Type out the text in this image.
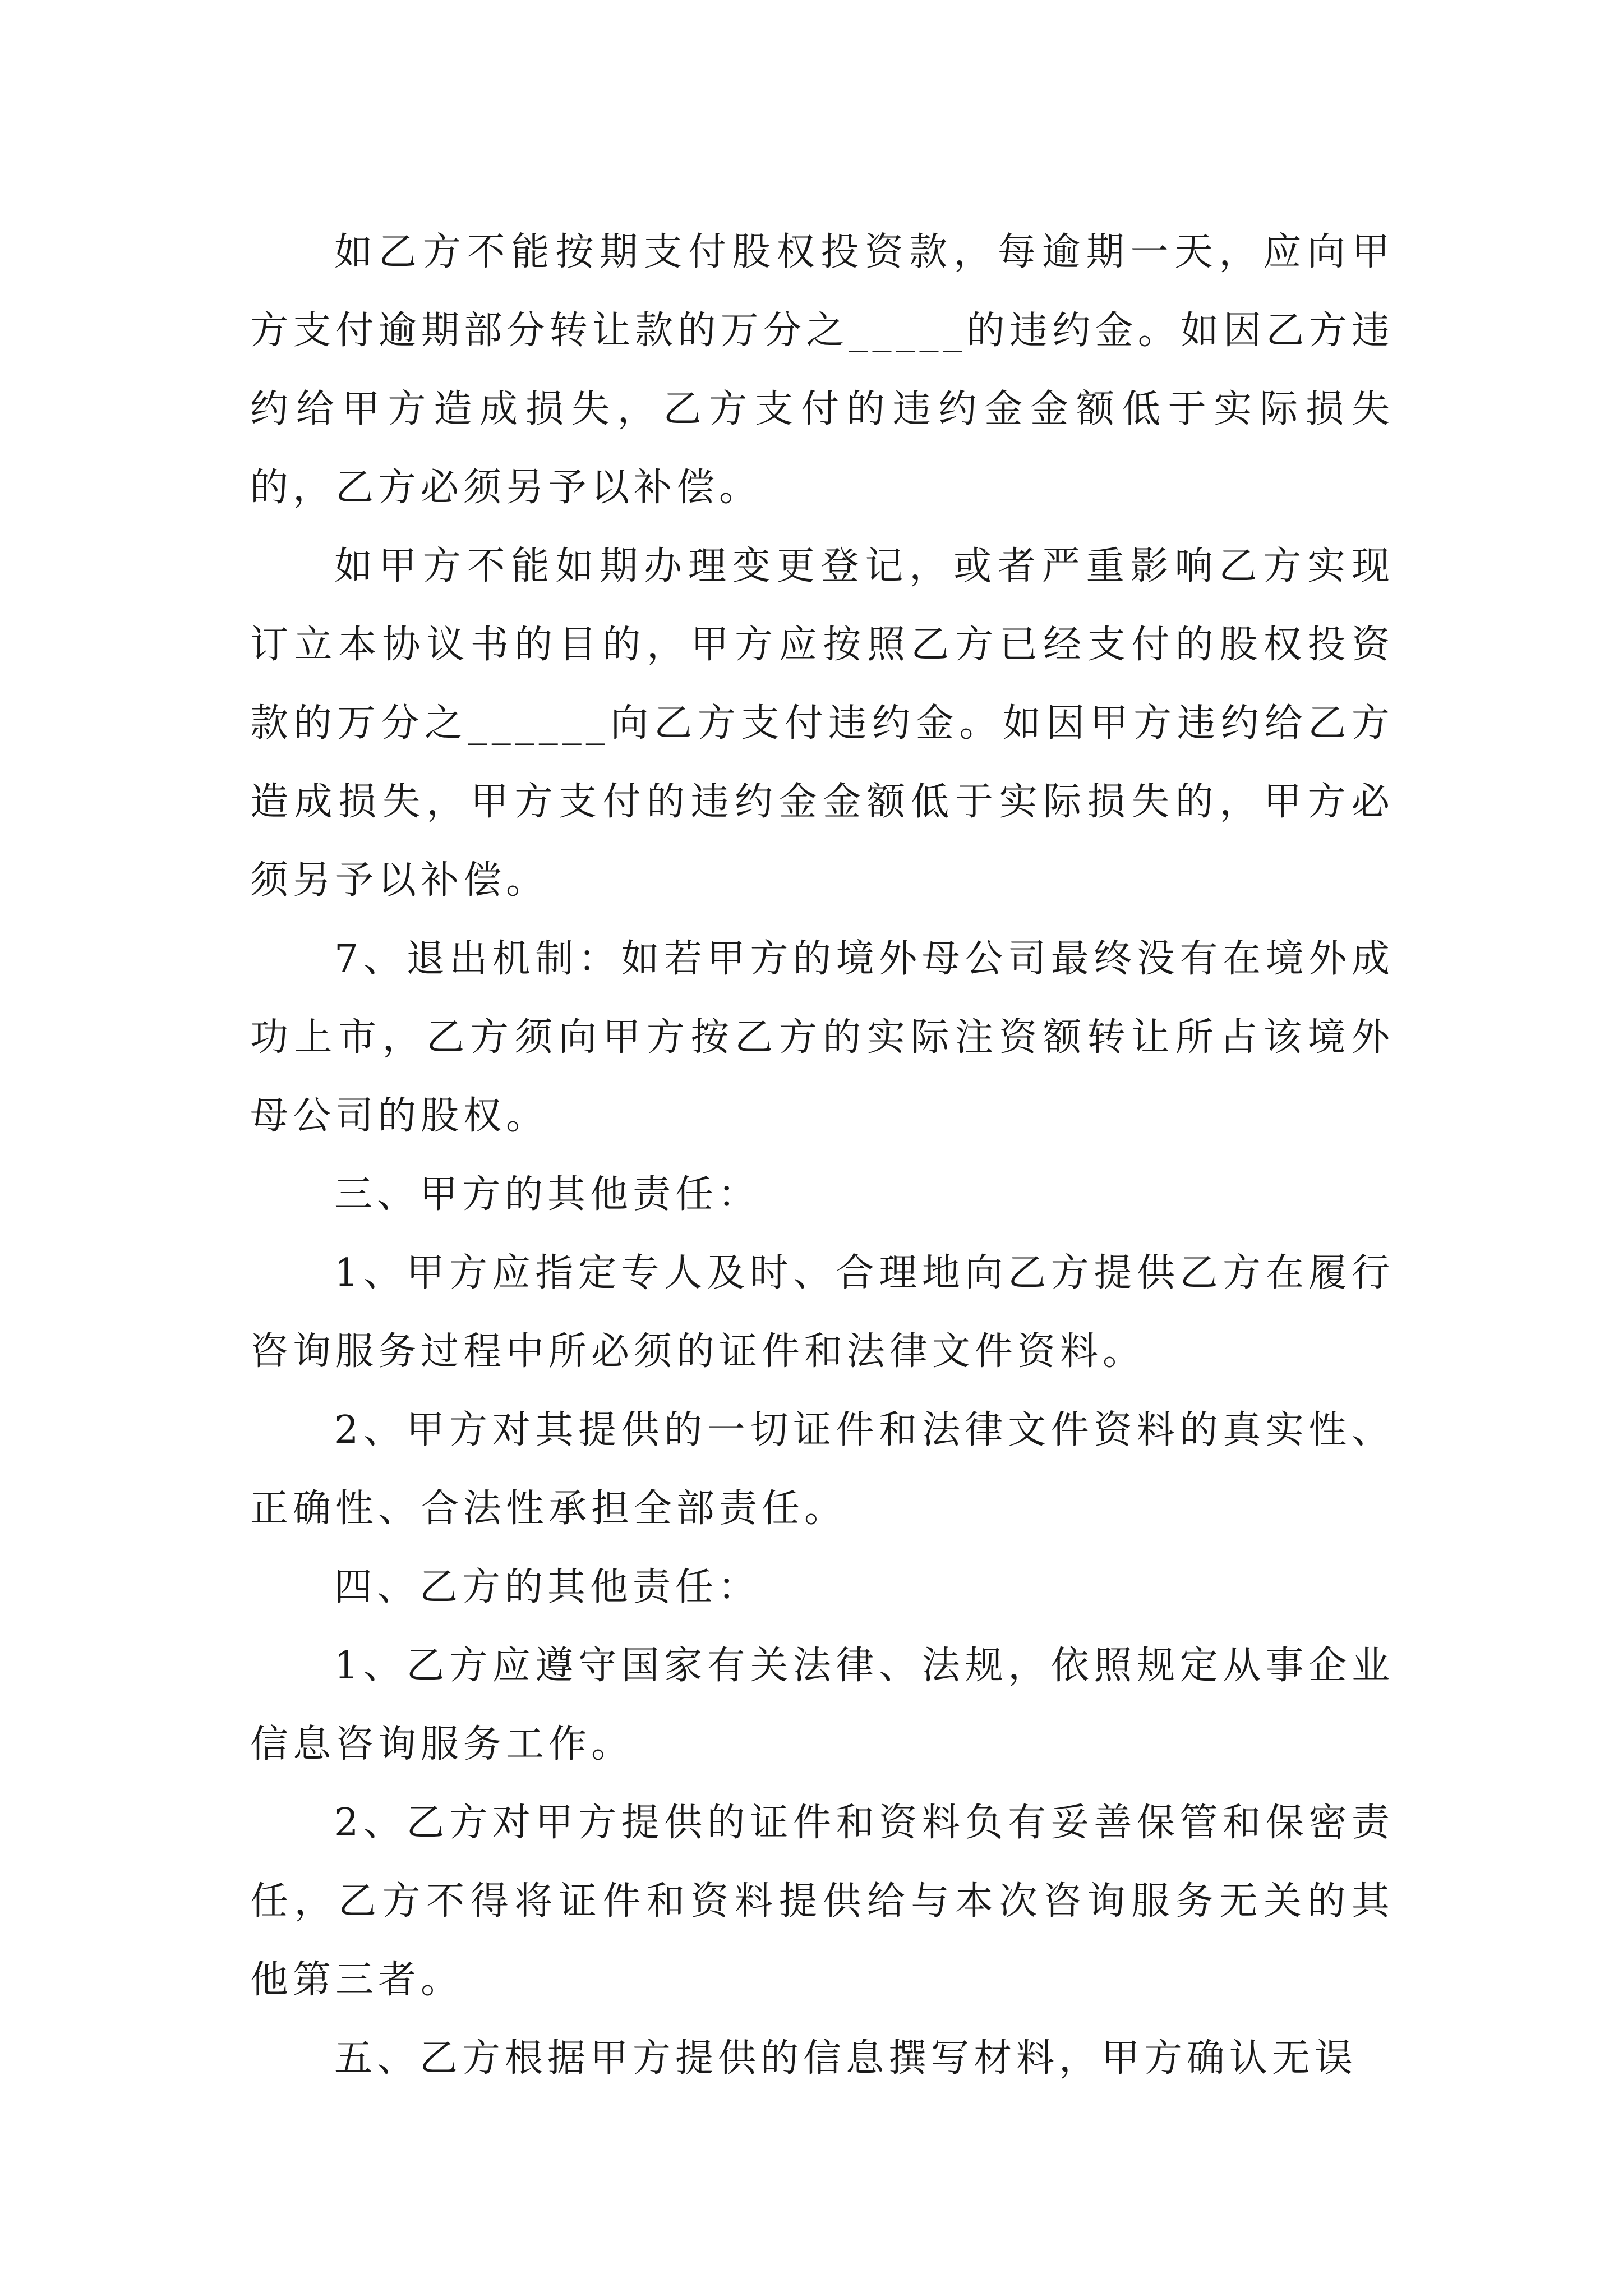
如乙方不能按期支付股权投资款，每逾期一天，应向甲方支付逾期部分转让款的万分之_____的违约金。如因乙方违约给甲方造成损失，乙方支付的违约金金额低于实际损失的，乙方必须另予以补偿。

如甲方不能如期办理变更登记，或者严重影响乙方实现订立本协议书的目的，甲方应按照乙方已经支付的股权投资款的万分之______向乙方支付违约金。如因甲方违约给乙方造成损失，甲方支付的违约金金额低于实际损失的，甲方必须另予以补偿。

7、退出机制：如若甲方的境外母公司最终没有在境外成功上市，乙方须向甲方按乙方的实际注资额转让所占该境外母公司的股权。

三、甲方的其他责任：

1、甲方应指定专人及时、合理地向乙方提供乙方在履行咨询服务过程中所必须的证件和法律文件资料。

2、甲方对其提供的一切证件和法律文件资料的真实性、正确性、合法性承担全部责任。

四、乙方的其他责任：

1、乙方应遵守国家有关法律、法规，依照规定从事企业信息咨询服务工作。

2、乙方对甲方提供的证件和资料负有妥善保管和保密责任，乙方不得将证件和资料提供给与本次咨询服务无关的其他第三者。

五、乙方根据甲方提供的信息撰写材料，甲方确认无误
